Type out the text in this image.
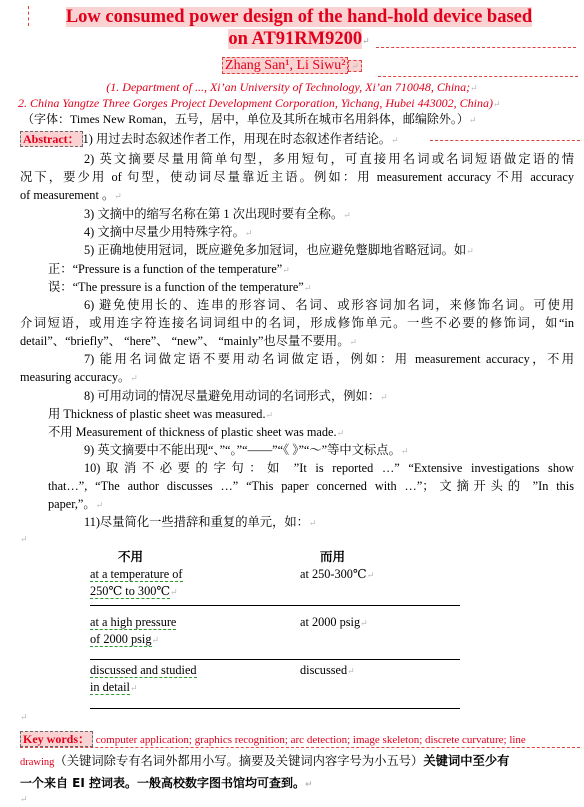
Low consumed power design of the hand-hold device based
on AT91RM9200↵
Zhang San¹, Li Siwu² ↵
(1. Department of ..., Xi’an University of Technology, Xi’an 710048, China;↵
2. China Yangtze Three Gorges Project Development Corporation, Yichang, Hubei 443002, China)↵
（字体：Times New Roman，五号，居中，单位及其所在城市名用斜体，邮编除外。）↵
Abstract： 1) 用过去时态叙述作者工作，用现在时态叙述作者结论。↵
2) 英文摘要尽量用简单句型，多用短句，可直接用名词或名词短语做定语的情
况下，要少用 of 句型，使动词尽量靠近主语。例如：用 measurement accuracy 不用 accuracy
of measurement 。↵
3) 文摘中的缩写名称在第 1 次出现时要有全称。↵
4) 文摘中尽量少用特殊字符。↵
5) 正确地使用冠词，既应避免多加冠词，也应避免蹩脚地省略冠词。如↵
正：“Pressure is a function of the temperature”↵
误：“The pressure is a function of the temperature”↵
6) 避免使用长的、连串的形容词、名词、或形容词加名词，来修饰名词。可使用
介词短语，或用连字符连接名词词组中的名词，形成修饰单元。一些不必要的修饰词，如“in
detail”、“briefly”、 “here”、 “new”、 “mainly”也尽量不要用。↵
7) 能用名词做定语不要用动名词做定语，例如：用 measurement accuracy，不用
measuring accuracy。↵
8) 可用动词的情况尽量避免用动词的名词形式，例如：↵
用 Thickness of plastic sheet was measured.↵
不用 Measurement of thickness of plastic sheet was made.↵
9) 英文摘要中不能出现“、”“。”“——”“《 》”“～”等中文标点。↵
10)取消不必要的字句：如 ”It is reported …” “Extensive investigations show
that…”, “The author discusses …” “This paper concerned with …”；文摘开头的 ”In this
paper,”。↵
11)尽量简化一些措辞和重复的单元，如：↵
↵
不用	而用
at a temperature of
250℃ to 300℃↵
at 250-300℃↵
at a high pressure
of 2000 psig↵
at 2000 psig↵
discussed and studied
in detail↵
discussed↵
↵
Key words： computer application; graphics recognition; arc detection; image skeleton; discrete curvature; line
drawing（关键词除专有名词外都用小写。摘要及关键词内容字号为小五号）关键词中至少有
一个来自 EI 控词表。一般高校数字图书馆均可查到。↵
↵
